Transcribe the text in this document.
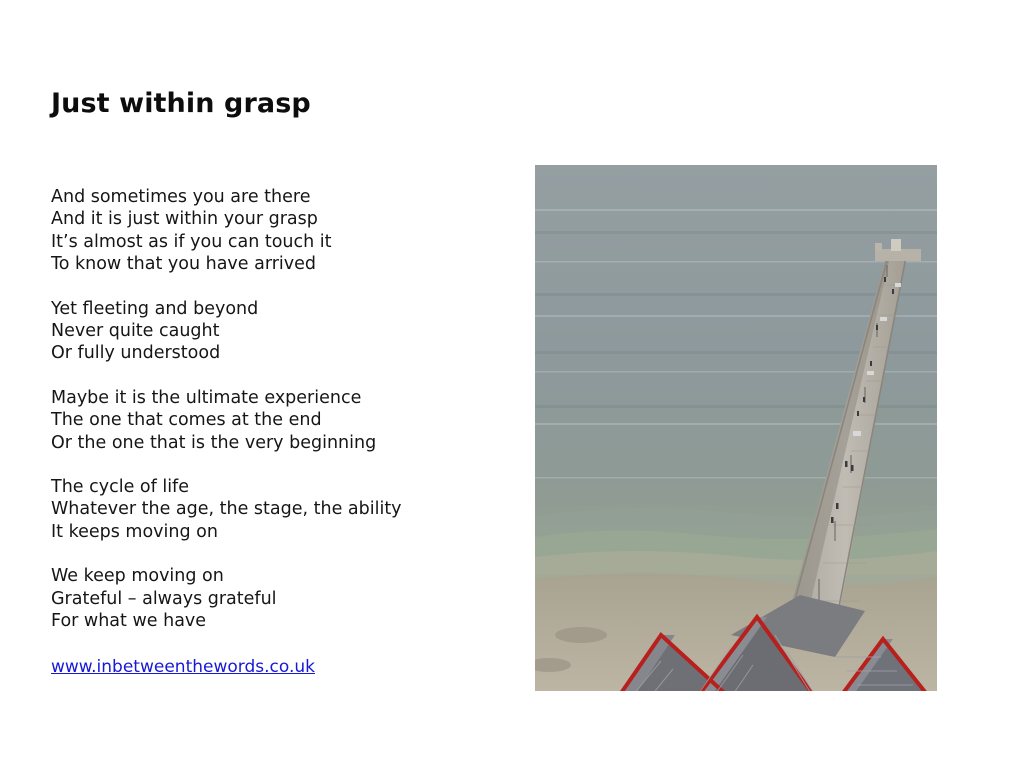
Just within grasp
And sometimes you are there
And it is just within your grasp
It’s almost as if you can touch it
To know that you have arrived
Yet fleeting and beyond
Never quite caught
Or fully understood
Maybe it is the ultimate experience
The one that comes at the end
Or the one that is the very beginning
The cycle of life
Whatever the age, the stage, the ability
It keeps moving on
We keep moving on
Grateful – always grateful
For what we have
www.inbetweenthewords.co.uk
